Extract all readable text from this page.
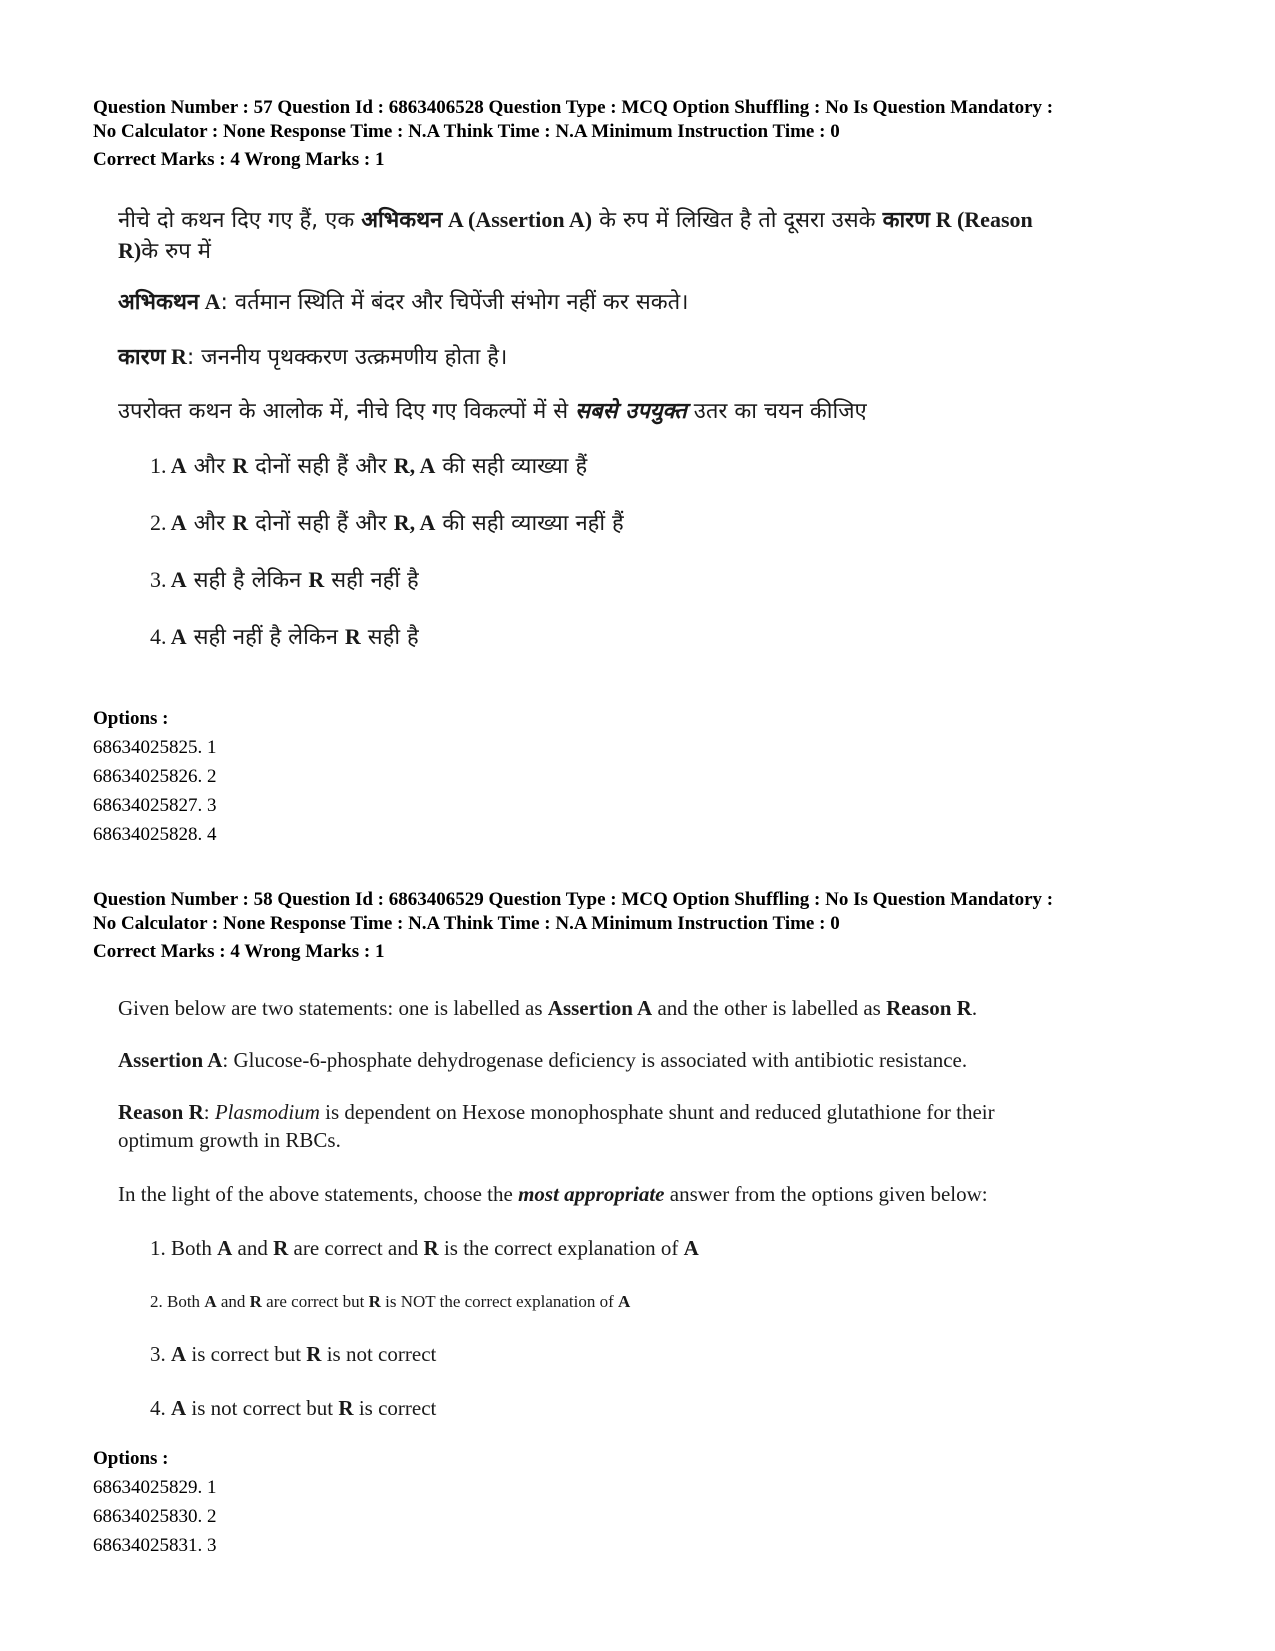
Question Number : 57 Question Id : 6863406528 Question Type : MCQ Option Shuffling : No Is Question Mandatory :
No Calculator : None Response Time : N.A Think Time : N.A Minimum Instruction Time : 0
Correct Marks : 4 Wrong Marks : 1
नीचे दो कथन दिए गए हैं, एक अभिकथन A (Assertion A) के रुप में लिखित है तो दूसरा उसके कारण R (Reason
R)के रुप में
अभिकथन A: वर्तमान स्थिति में बंदर और चिपेंजी संभोग नहीं कर सकते।
कारण R: जननीय पृथक्करण उत्क्रमणीय होता है।
उपरोक्त कथन के आलोक में, नीचे दिए गए विकल्पों में से सबसे उपयुक्त उतर का चयन कीजिए
1. A और R दोनों सही हैं और R, A की सही व्याख्या हैं
2. A और R दोनों सही हैं और R, A की सही व्याख्या नहीं हैं
3. A सही है लेकिन R सही नहीं है
4. A सही नहीं है लेकिन R सही है
Options :
68634025825. 1
68634025826. 2
68634025827. 3
68634025828. 4
Question Number : 58 Question Id : 6863406529 Question Type : MCQ Option Shuffling : No Is Question Mandatory :
No Calculator : None Response Time : N.A Think Time : N.A Minimum Instruction Time : 0
Correct Marks : 4 Wrong Marks : 1
Given below are two statements: one is labelled as Assertion A and the other is labelled as Reason R.
Assertion A: Glucose-6-phosphate dehydrogenase deficiency is associated with antibiotic resistance.
Reason R: Plasmodium is dependent on Hexose monophosphate shunt and reduced glutathione for their
optimum growth in RBCs.
In the light of the above statements, choose the most appropriate answer from the options given below:
1. Both A and R are correct and R is the correct explanation of A
2. Both A and R are correct but R is NOT the correct explanation of A
3. A is correct but R is not correct
4. A is not correct but R is correct
Options :
68634025829. 1
68634025830. 2
68634025831. 3
